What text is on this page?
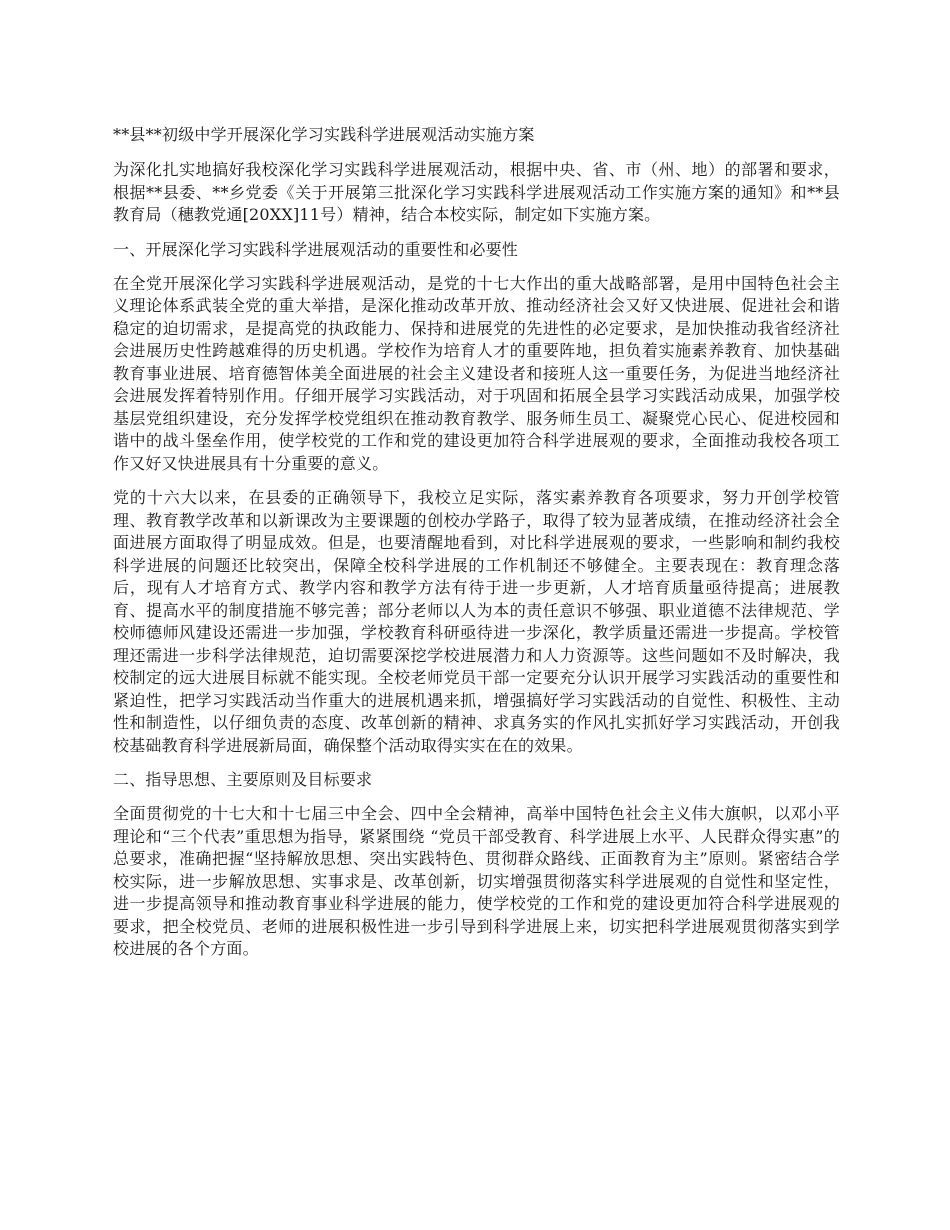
**县**初级中学开展深化学习实践科学进展观活动实施方案

为深化扎实地搞好我校深化学习实践科学进展观活动，根据中央、省、市（州、地）的部署和要求，根据**县委、**乡党委《关于开展第三批深化学习实践科学进展观活动工作实施方案的通知》和**县教育局（穗教党通[20XX]11号）精神，结合本校实际，制定如下实施方案。

一、开展深化学习实践科学进展观活动的重要性和必要性

在全党开展深化学习实践科学进展观活动，是党的十七大作出的重大战略部署，是用中国特色社会主义理论体系武装全党的重大举措，是深化推动改革开放、推动经济社会又好又快进展、促进社会和谐稳定的迫切需求，是提高党的执政能力、保持和进展党的先进性的必定要求，是加快推动我省经济社会进展历史性跨越难得的历史机遇。学校作为培育人才的重要阵地，担负着实施素养教育、加快基础教育事业进展、培育德智体美全面进展的社会主义建设者和接班人这一重要任务，为促进当地经济社会进展发挥着特别作用。仔细开展学习实践活动，对于巩固和拓展全县学习实践活动成果，加强学校基层党组织建设，充分发挥学校党组织在推动教育教学、服务师生员工、凝聚党心民心、促进校园和谐中的战斗堡垒作用，使学校党的工作和党的建设更加符合科学进展观的要求，全面推动我校各项工作又好又快进展具有十分重要的意义。

党的十六大以来，在县委的正确领导下，我校立足实际，落实素养教育各项要求，努力开创学校管理、教育教学改革和以新课改为主要课题的创校办学路子，取得了较为显著成绩，在推动经济社会全面进展方面取得了明显成效。但是，也要清醒地看到，对比科学进展观的要求，一些影响和制约我校科学进展的问题还比较突出，保障全校科学进展的工作机制还不够健全。主要表现在：教育理念落后，现有人才培育方式、教学内容和教学方法有待于进一步更新，人才培育质量亟待提高；进展教育、提高水平的制度措施不够完善；部分老师以人为本的责任意识不够强、职业道德不法律规范、学校师德师风建设还需进一步加强，学校教育科研亟待进一步深化，教学质量还需进一步提高。学校管理还需进一步科学法律规范，迫切需要深挖学校进展潜力和人力资源等。这些问题如不及时解决，我校制定的远大进展目标就不能实现。全校老师党员干部一定要充分认识开展学习实践活动的重要性和紧迫性，把学习实践活动当作重大的进展机遇来抓，增强搞好学习实践活动的自觉性、积极性、主动性和制造性，以仔细负责的态度、改革创新的精神、求真务实的作风扎实抓好学习实践活动，开创我校基础教育科学进展新局面，确保整个活动取得实实在在的效果。

二、指导思想、主要原则及目标要求

全面贯彻党的十七大和十七届三中全会、四中全会精神，高举中国特色社会主义伟大旗帜，以邓小平理论和“三个代表”重思想为指导，紧紧围绕 “党员干部受教育、科学进展上水平、人民群众得实惠”的总要求，准确把握“坚持解放思想、突出实践特色、贯彻群众路线、正面教育为主”原则。紧密结合学校实际，进一步解放思想、实事求是、改革创新，切实增强贯彻落实科学进展观的自觉性和坚定性，进一步提高领导和推动教育事业科学进展的能力，使学校党的工作和党的建设更加符合科学进展观的要求，把全校党员、老师的进展积极性进一步引导到科学进展上来，切实把科学进展观贯彻落实到学校进展的各个方面。
